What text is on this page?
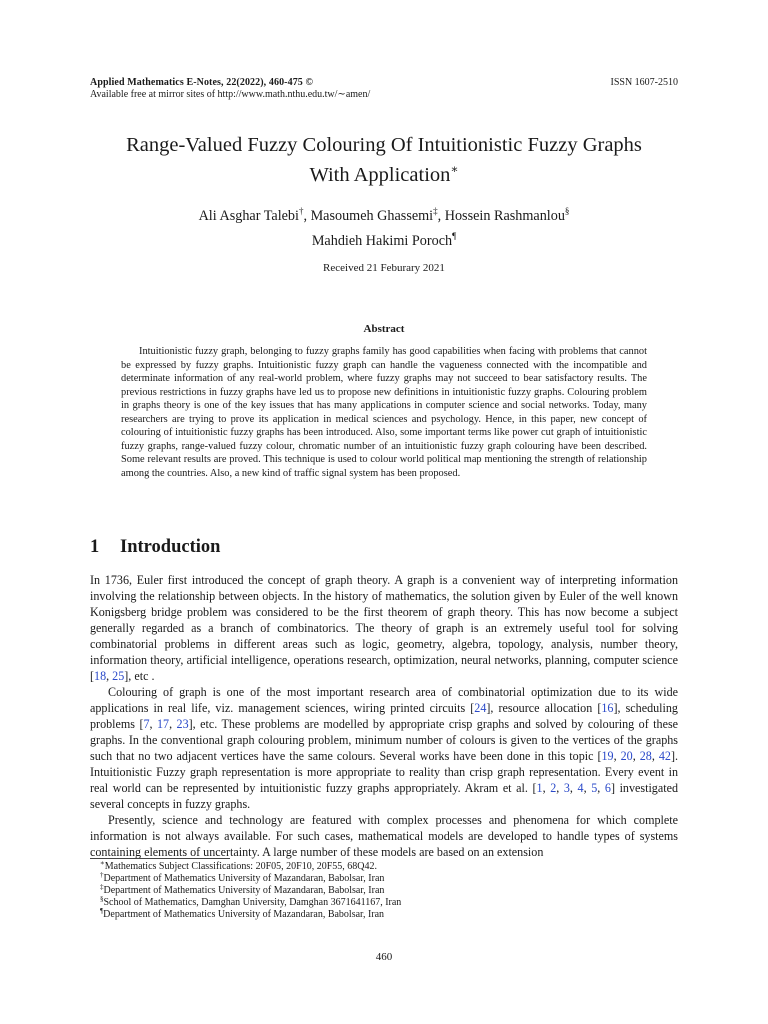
Applied Mathematics E-Notes, 22(2022), 460-475 ©
Available free at mirror sites of http://www.math.nthu.edu.tw/∼amen/
ISSN 1607-2510
Range-Valued Fuzzy Colouring Of Intuitionistic Fuzzy Graphs
With Application∗
Ali Asghar Talebi†, Masoumeh Ghassemi‡, Hossein Rashmanlou§
Mahdieh Hakimi Poroch¶
Received 21 Feburary 2021
Abstract
Intuitionistic fuzzy graph, belonging to fuzzy graphs family has good capabilities when facing with problems that cannot be expressed by fuzzy graphs. Intuitionistic fuzzy graph can handle the vagueness connected with the incompatible and determinate information of any real-world problem, where fuzzy graphs may not succeed to bear satisfactory results. The previous restrictions in fuzzy graphs have led us to propose new definitions in intuitionistic fuzzy graphs. Colouring problem in graphs theory is one of the key issues that has many applications in computer science and social networks. Today, many researchers are trying to prove its application in medical sciences and psychology. Hence, in this paper, new concept of colouring of intuitionistic fuzzy graphs has been introduced. Also, some important terms like power cut graph of intuitionistic fuzzy graphs, range-valued fuzzy colour, chromatic number of an intuitionistic fuzzy graph colouring have been described. Some relevant results are proved. This technique is used to colour world political map mentioning the strength of relationship among the countries. Also, a new kind of traffic signal system has been proposed.
1 Introduction

In 1736, Euler first introduced the concept of graph theory. A graph is a convenient way of interpreting information involving the relationship between objects. In the history of mathematics, the solution given by Euler of the well known Konigsberg bridge problem was considered to be the first theorem of graph theory. This has now become a subject generally regarded as a branch of combinatorics. The theory of graph is an extremely useful tool for solving combinatorial problems in different areas such as logic, geometry, algebra, topology, analysis, number theory, information theory, artificial intelligence, operations research, optimization, neural networks, planning, computer science [18, 25], etc .

Colouring of graph is one of the most important research area of combinatorial optimization due to its wide applications in real life, viz. management sciences, wiring printed circuits [24], resource allocation [16], scheduling problems [7, 17, 23], etc. These problems are modelled by appropriate crisp graphs and solved by colouring of these graphs. In the conventional graph colouring problem, minimum number of colours is given to the vertices of the graphs such that no two adjacent vertices have the same colours. Several works have been done in this topic [19, 20, 28, 42]. Intuitionistic Fuzzy graph representation is more appropriate to reality than crisp graph representation. Every event in real world can be represented by intuitionistic fuzzy graphs appropriately. Akram et al. [1, 2, 3, 4, 5, 6] investigated several concepts in fuzzy graphs.

Presently, science and technology are featured with complex processes and phenomena for which complete information is not always available. For such cases, mathematical models are developed to handle types of systems containing elements of uncertainty. A large number of these models are based on an extension

∗Mathematics Subject Classifications: 20F05, 20F10, 20F55, 68Q42.
†Department of Mathematics University of Mazandaran, Babolsar, Iran
‡Department of Mathematics University of Mazandaran, Babolsar, Iran
§School of Mathematics, Damghan University, Damghan 3671641167, Iran
¶Department of Mathematics University of Mazandaran, Babolsar, Iran
460
